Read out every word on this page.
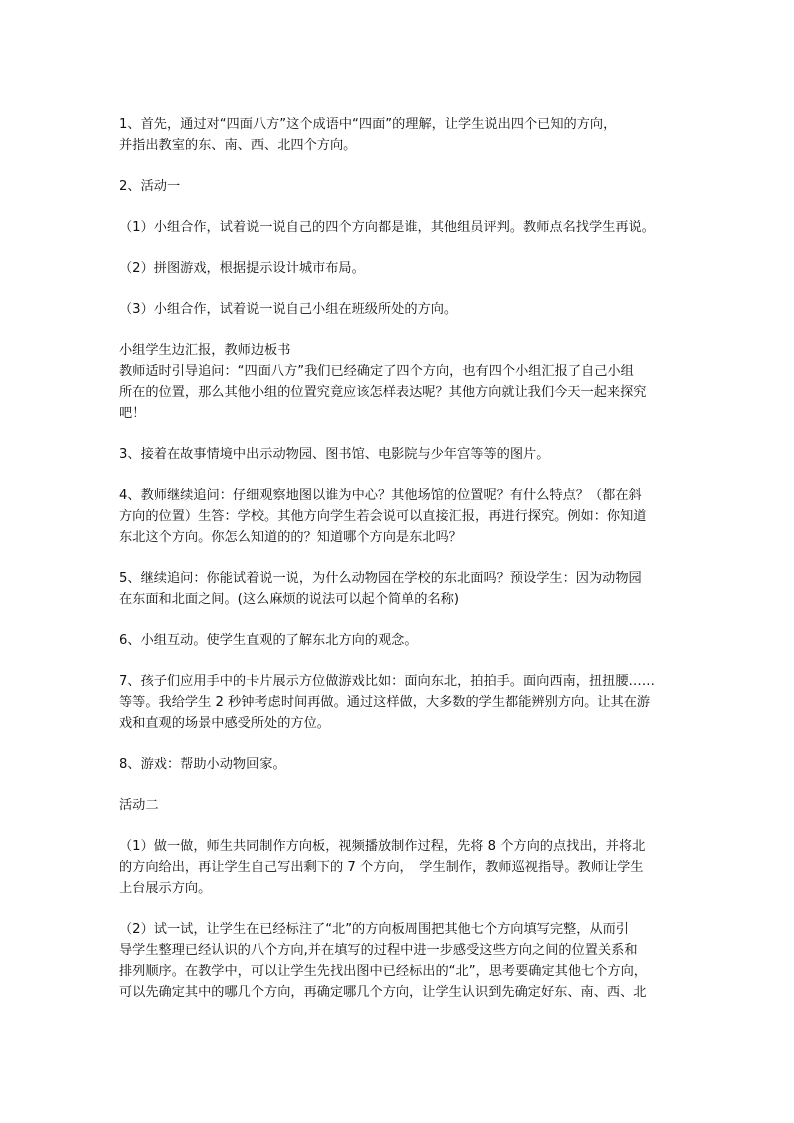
1、首先，通过对“四面八方”这个成语中“四面”的理解，让学生说出四个已知的方向，
并指出教室的东、南、西、北四个方向。
2、活动一
（1）小组合作，试着说一说自己的四个方向都是谁，其他组员评判。教师点名找学生再说。
（2）拼图游戏，根据提示设计城市布局。
（3）小组合作，试着说一说自己小组在班级所处的方向。
小组学生边汇报，教师边板书
教师适时引导追问：“四面八方”我们已经确定了四个方向，也有四个小组汇报了自己小组
所在的位置，那么其他小组的位置究竟应该怎样表达呢？其他方向就让我们今天一起来探究
吧！
3、接着在故事情境中出示动物园、图书馆、电影院与少年宫等等的图片。
4、教师继续追问：仔细观察地图以谁为中心？其他场馆的位置呢？有什么特点？（都在斜
方向的位置）生答：学校。其他方向学生若会说可以直接汇报，再进行探究。例如：你知道
东北这个方向。你怎么知道的的？知道哪个方向是东北吗？
5、继续追问：你能试着说一说，为什么动物园在学校的东北面吗？预设学生：因为动物园
在东面和北面之间。(这么麻烦的说法可以起个简单的名称)
6、小组互动。使学生直观的了解东北方向的观念。
7、孩子们应用手中的卡片展示方位做游戏比如：面向东北，拍拍手。面向西南，扭扭腰……
等等。我给学生 2 秒钟考虑时间再做。通过这样做，大多数的学生都能辨别方向。让其在游
戏和直观的场景中感受所处的方位。
8、游戏：帮助小动物回家。
活动二
（1）做一做，师生共同制作方向板，视频播放制作过程，先将 8 个方向的点找出，并将北
的方向给出，再让学生自己写出剩下的 7 个方向，　学生制作，教师巡视指导。教师让学生
上台展示方向。
（2）试一试，让学生在已经标注了“北”的方向板周围把其他七个方向填写完整，从而引
导学生整理已经认识的八个方向,并在填写的过程中进一步感受这些方向之间的位置关系和
排列顺序。在教学中，可以让学生先找出图中已经标出的“北”，思考要确定其他七个方向，
可以先确定其中的哪几个方向，再确定哪几个方向，让学生认识到先确定好东、南、西、北
